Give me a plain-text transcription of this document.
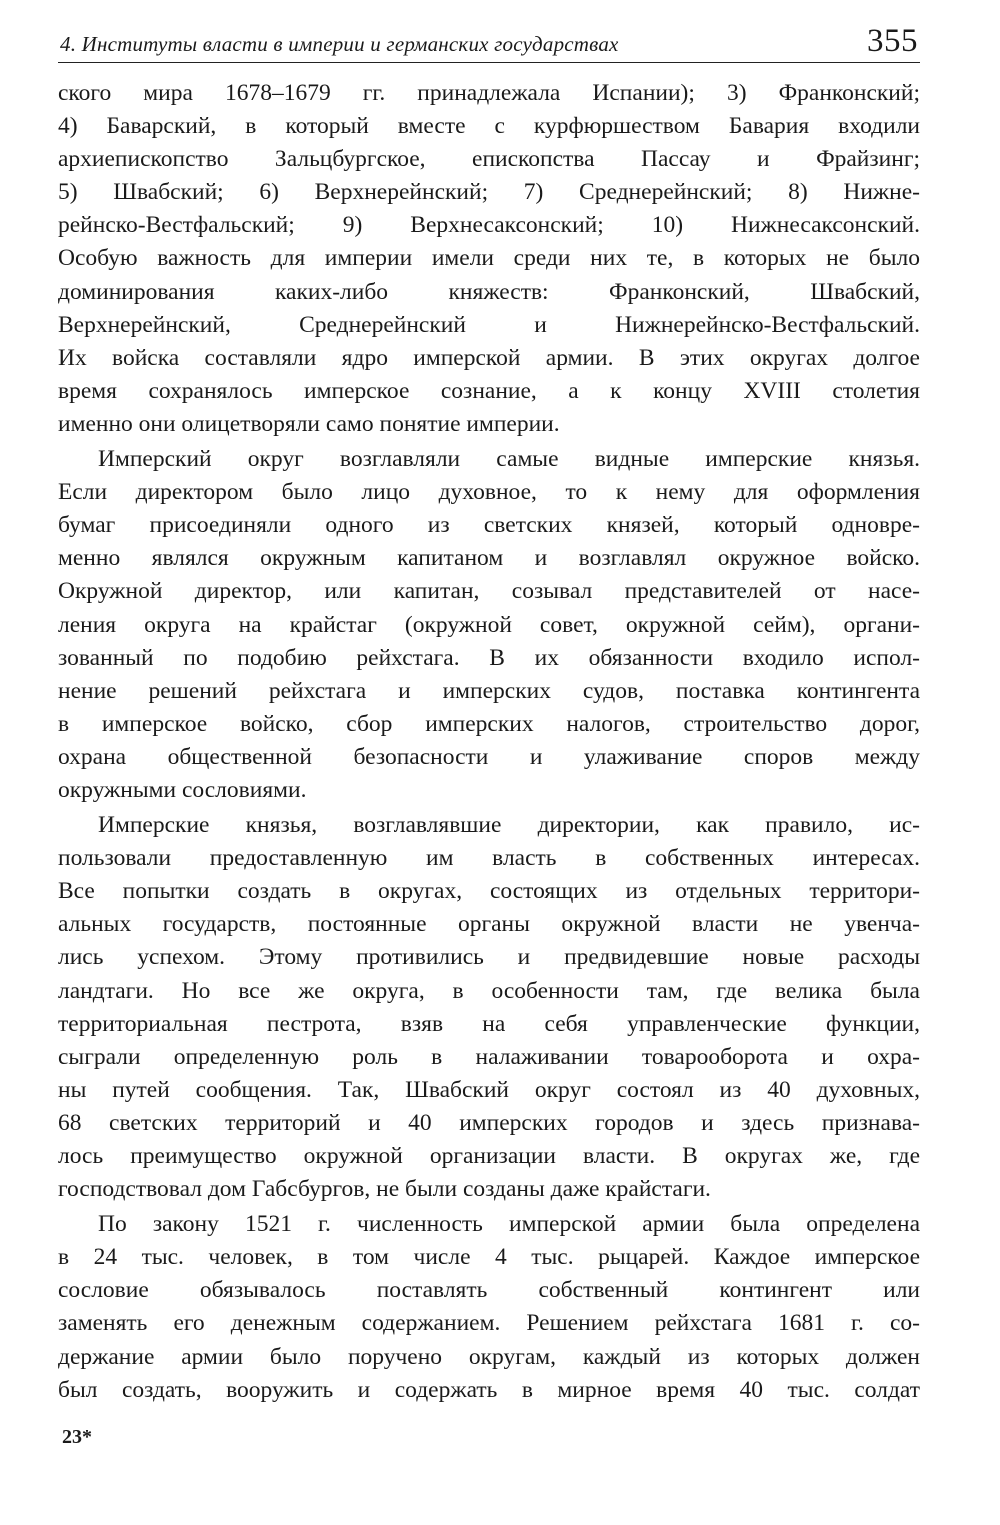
4. Институты власти в империи и германских государствах	355
ского мира 1678–1679 гг. принадлежала Испании); 3) Франконский;
4) Баварский, в который вместе с курфюршеством Бавария входили
архиепископство Зальцбургское, епископства Пассау и Фрайзинг;
5) Швабский; 6) Верхнерейнский; 7) Среднерейнский; 8) Нижне-
рейнско-Вестфальский; 9) Верхнесаксонский; 10) Нижнесаксонский.
Особую важность для империи имели среди них те, в которых не было
доминирования каких-либо княжеств: Франконский, Швабский,
Верхнерейнский, Среднерейнский и Нижнерейнско-Вестфальский.
Их войска составляли ядро имперской армии. В этих округах долгое
время сохранялось имперское сознание, а к концу XVIII столетия
именно они олицетворяли само понятие империи.
Имперский округ возглавляли самые видные имперские князья.
Если директором было лицо духовное, то к нему для оформления
бумаг присоединяли одного из светских князей, который одновре-
менно являлся окружным капитаном и возглавлял окружное войско.
Окружной директор, или капитан, созывал представителей от насе-
ления округа на крайстаг (окружной совет, окружной сейм), органи-
зованный по подобию рейхстага. В их обязанности входило испол-
нение решений рейхстага и имперских судов, поставка контингента
в имперское войско, сбор имперских налогов, строительство дорог,
охрана общественной безопасности и улаживание споров между
окружными сословиями.
Имперские князья, возглавлявшие директории, как правило, ис-
пользовали предоставленную им власть в собственных интересах.
Все попытки создать в округах, состоящих из отдельных территори-
альных государств, постоянные органы окружной власти не увенча-
лись успехом. Этому противились и предвидевшие новые расходы
ландтаги. Но все же округа, в особенности там, где велика была
территориальная пестрота, взяв на себя управленческие функции,
сыграли определенную роль в налаживании товарооборота и охра-
ны путей сообщения. Так, Швабский округ состоял из 40 духовных,
68 светских территорий и 40 имперских городов и здесь признава-
лось преимущество окружной организации власти. В округах же, где
господствовал дом Габсбургов, не были созданы даже крайстаги.
По закону 1521 г. численность имперской армии была определена
в 24 тыс. человек, в том числе 4 тыс. рыцарей. Каждое имперское
сословие обязывалось поставлять собственный контингент или
заменять его денежным содержанием. Решением рейхстага 1681 г. со-
держание армии было поручено округам, каждый из которых должен
был создать, вооружить и содержать в мирное время 40 тыс. солдат
23*
